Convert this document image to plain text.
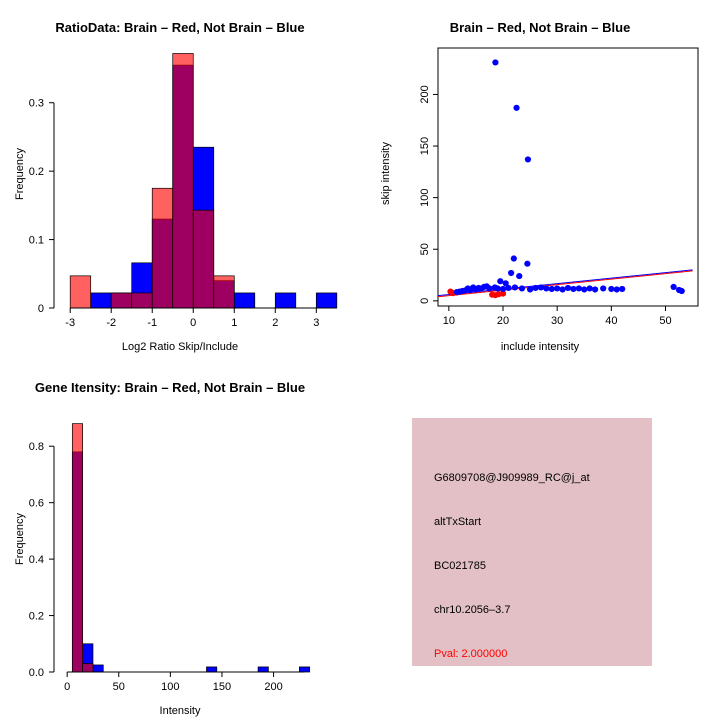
RatioData: Brain – Red, Not Brain – Blue
Log2 Ratio Skip/Include
Frequency
-3	-2	-1	0	1	2	3
0
0.1
0.2
0.3
Brain – Red, Not Brain – Blue
include intensity
skip intensity
10	20	30	40	50
0
50
100
150
200
Gene Itensity: Brain – Red, Not Brain – Blue
Intensity
Frequency
0	50	100	150	200
0.0
0.2
0.4
0.6
0.8
G6809708@J909989_RC@j_at
altTxStart
BC021785
chr10.2056–3.7
Pval: 2.000000
